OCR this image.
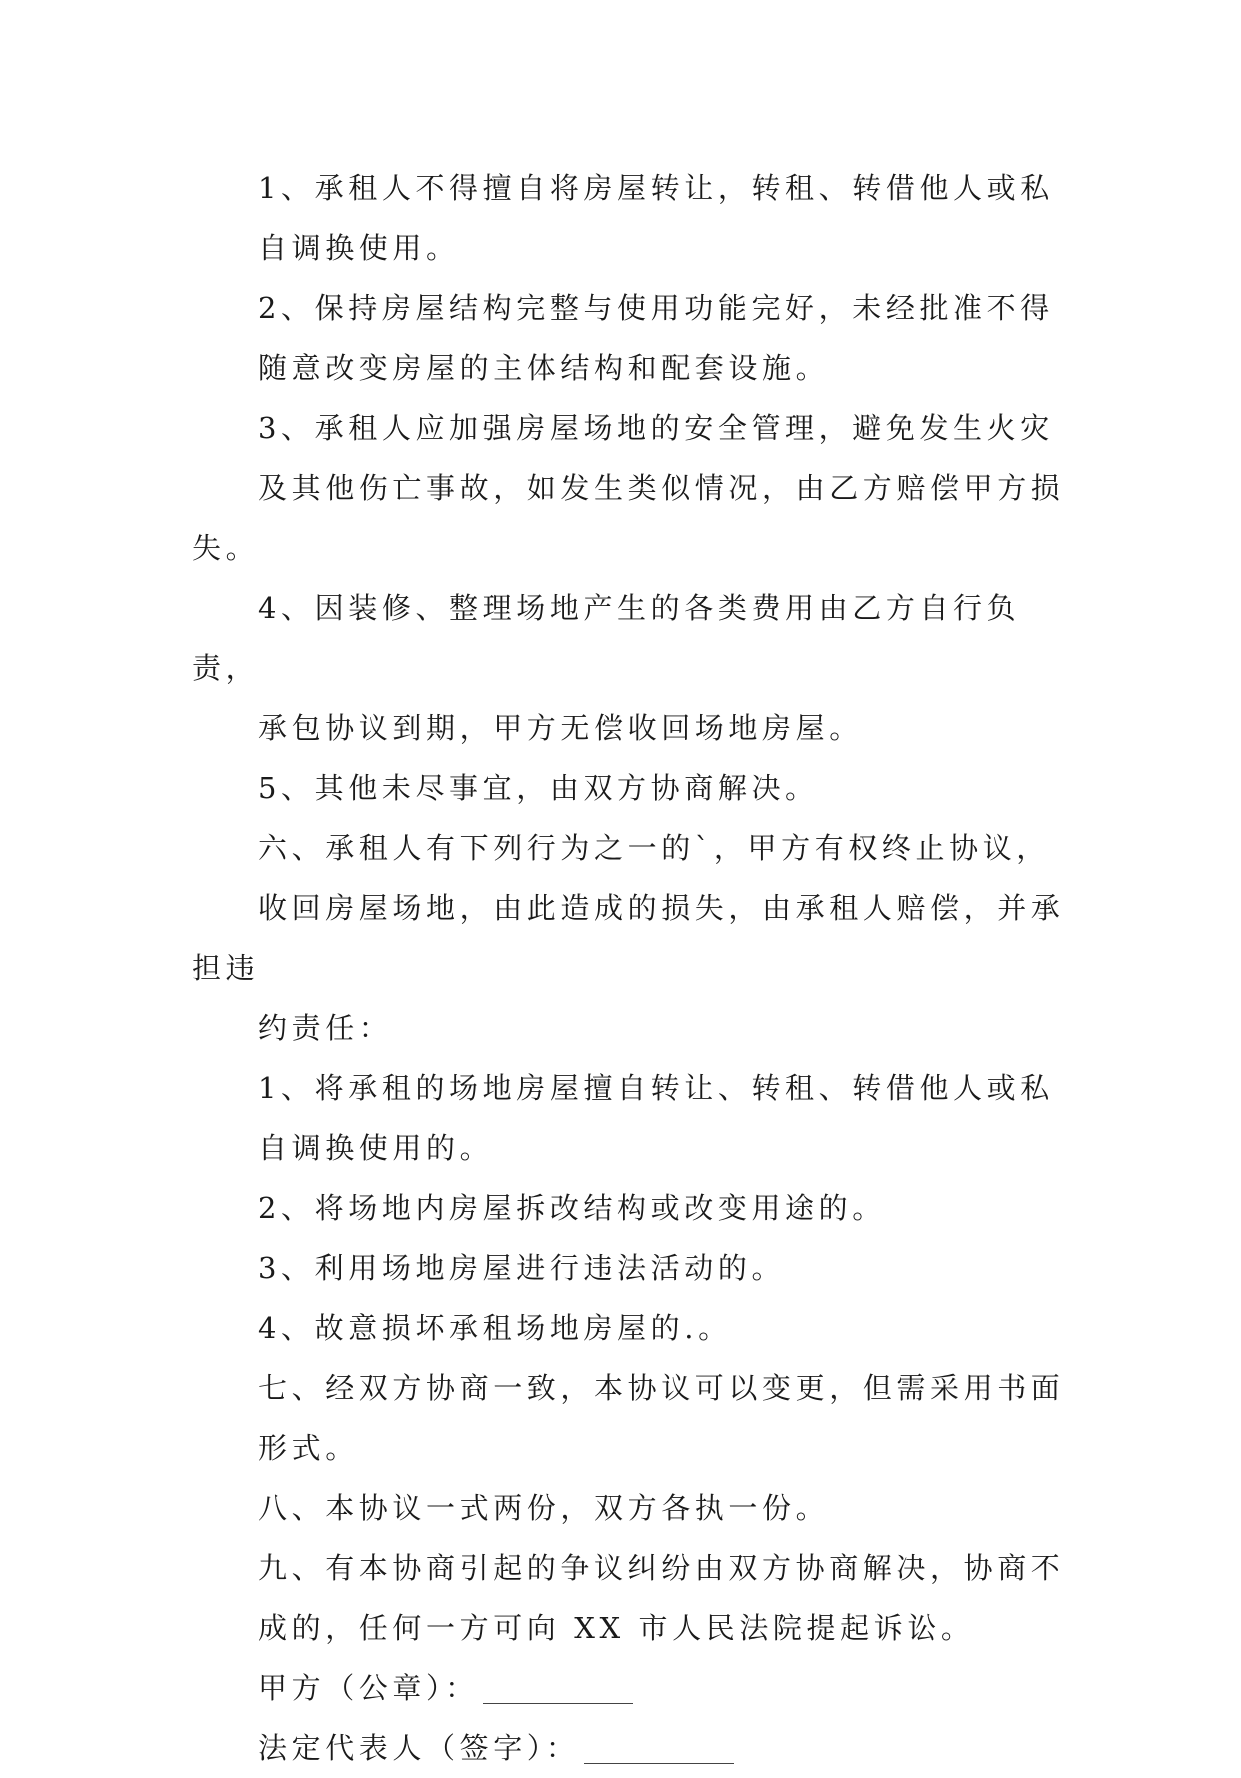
1、承租人不得擅自将房屋转让，转租、转借他人或私
自调换使用。

2、保持房屋结构完整与使用功能完好，未经批准不得
随意改变房屋的主体结构和配套设施。

3、承租人应加强房屋场地的安全管理，避免发生火灾
及其他伤亡事故，如发生类似情况，由乙方赔偿甲方损失。

4、因装修、整理场地产生的各类费用由乙方自行负责，
承包协议到期，甲方无偿收回场地房屋。

5、其他未尽事宜，由双方协商解决。

六、承租人有下列行为之一的`，甲方有权终止协议，
收回房屋场地，由此造成的损失，由承租人赔偿，并承担违
约责任：

1、将承租的场地房屋擅自转让、转租、转借他人或私
自调换使用的。

2、将场地内房屋拆改结构或改变用途的。

3、利用场地房屋进行违法活动的。

4、故意损坏承租场地房屋的.。

七、经双方协商一致，本协议可以变更，但需采用书面
形式。

八、本协议一式两份，双方各执一份。

九、有本协商引起的争议纠纷由双方协商解决，协商不
成的，任何一方可向 XX 市人民法院提起诉讼。

甲方（公章）：

法定代表人（签字）：
